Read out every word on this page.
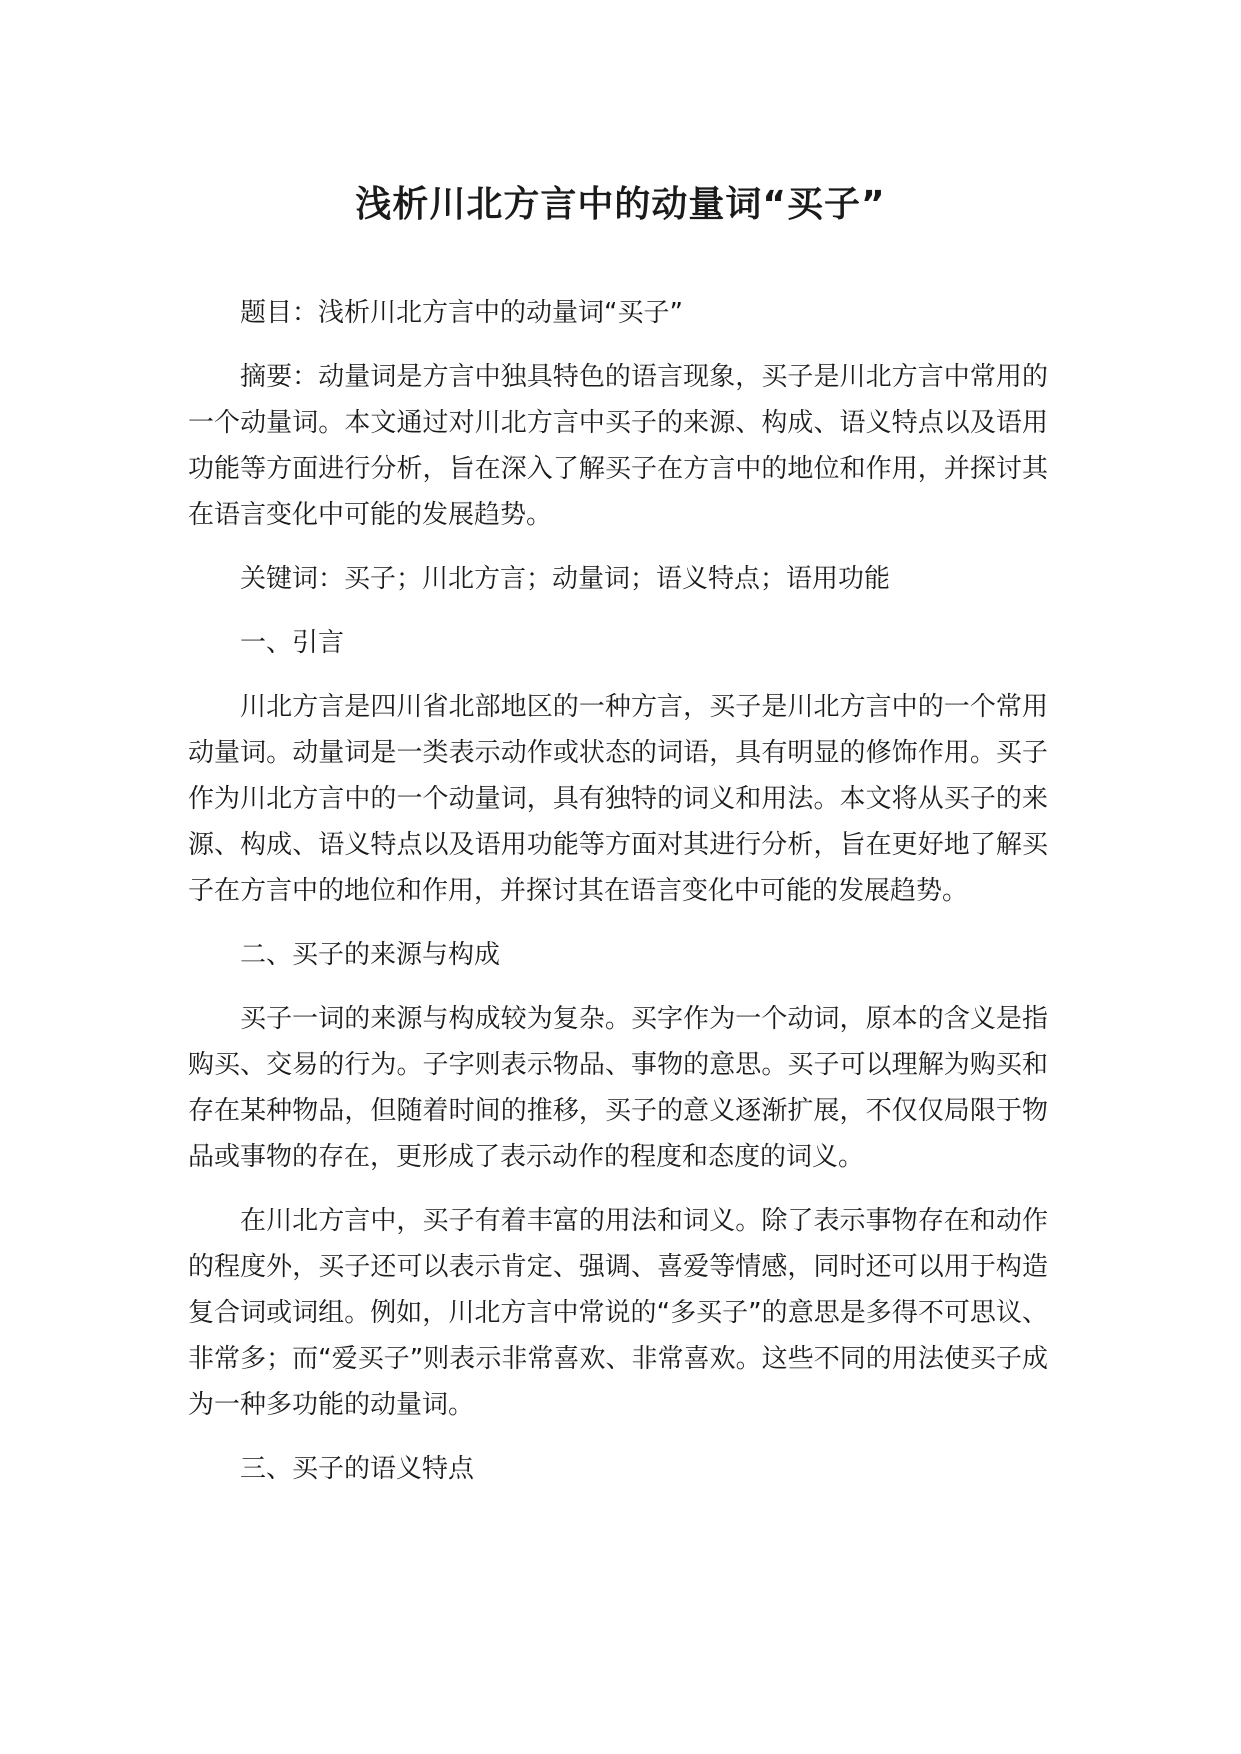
浅析川北方言中的动量词“买子”

题目：浅析川北方言中的动量词“买子”

摘要：动量词是方言中独具特色的语言现象，买子是川北方言中常用的一个动量词。本文通过对川北方言中买子的来源、构成、语义特点以及语用功能等方面进行分析，旨在深入了解买子在方言中的地位和作用，并探讨其在语言变化中可能的发展趋势。

关键词：买子；川北方言；动量词；语义特点；语用功能

一、引言

川北方言是四川省北部地区的一种方言，买子是川北方言中的一个常用动量词。动量词是一类表示动作或状态的词语，具有明显的修饰作用。买子作为川北方言中的一个动量词，具有独特的词义和用法。本文将从买子的来源、构成、语义特点以及语用功能等方面对其进行分析，旨在更好地了解买子在方言中的地位和作用，并探讨其在语言变化中可能的发展趋势。

二、买子的来源与构成

买子一词的来源与构成较为复杂。买字作为一个动词，原本的含义是指购买、交易的行为。子字则表示物品、事物的意思。买子可以理解为购买和存在某种物品，但随着时间的推移，买子的意义逐渐扩展，不仅仅局限于物品或事物的存在，更形成了表示动作的程度和态度的词义。

在川北方言中，买子有着丰富的用法和词义。除了表示事物存在和动作的程度外，买子还可以表示肯定、强调、喜爱等情感，同时还可以用于构造复合词或词组。例如，川北方言中常说的“多买子”的意思是多得不可思议、非常多；而“爱买子”则表示非常喜欢、非常喜欢。这些不同的用法使买子成为一种多功能的动量词。

三、买子的语义特点
